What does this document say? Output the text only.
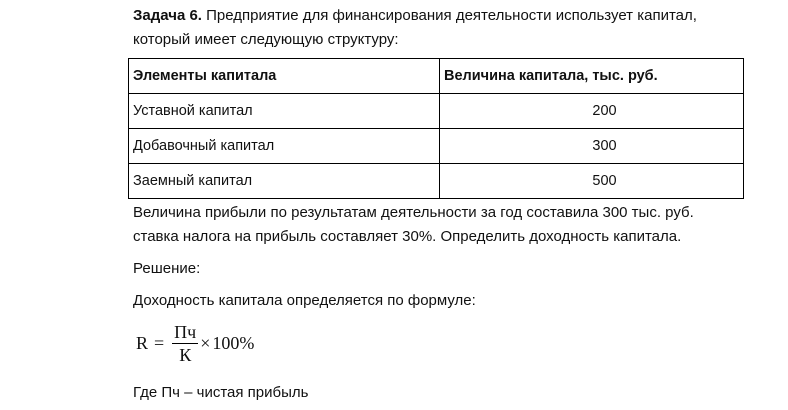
Задача 6. Предприятие для финансирования деятельности использует капитал,
который имеет следующую структуру:
Элементы капитала	Величина капитала, тыс. руб.
Уставной капитал	200
Добавочный капитал	300
Заемный капитал	500
Величина прибыли по результатам деятельности за год составила 300 тыс. руб.
ставка налога на прибыль составляет 30%. Определить доходность капитала.
Решение:
Доходность капитала определяется по формуле:
$R = \frac{Пч}{К} \times 100\%$
Где Пч – чистая прибыль
